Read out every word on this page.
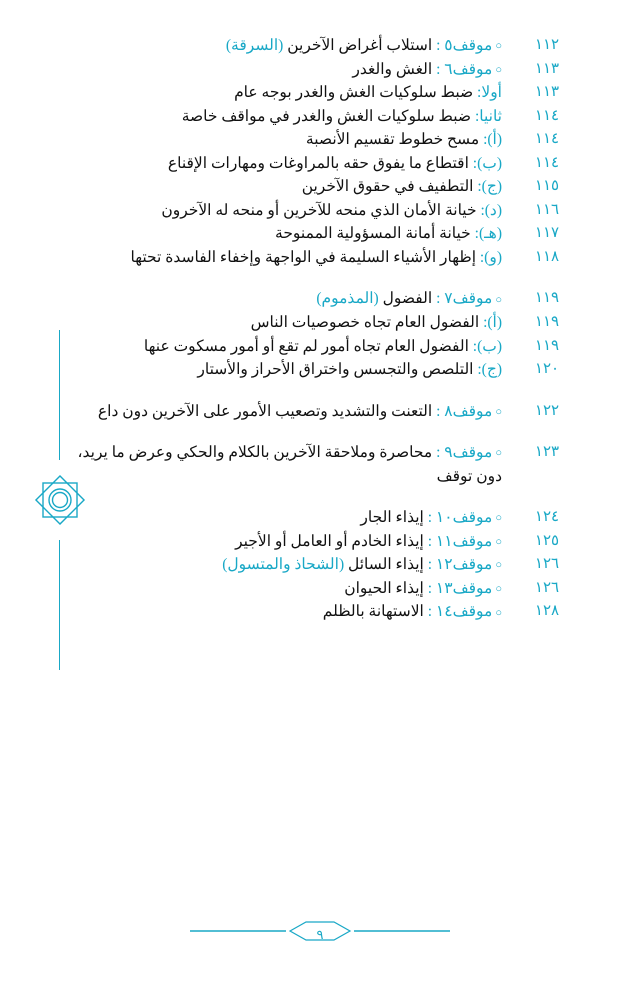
١١٢	○موقف٥ : استلاب أغراض الآخرين (السرقة)
١١٣	○موقف٦ : الغش والغدر
١١٣	أولا: ضبط سلوكيات الغش والغدر بوجه عام
١١٤	ثانيا: ضبط سلوكيات الغش والغدر في مواقف خاصة
١١٤	(أ): مسح خطوط تقسيم الأنصبة
١١٤	(ب): اقتطاع ما يفوق حقه بالمراوغات ومهارات الإقناع
١١٥	(ج): التطفيف في حقوق الآخرين
١١٦	(د): خيانة الأمان الذي منحه للآخرين أو منحه له الآخرون
١١٧	(هـ): خيانة أمانة المسؤولية الممنوحة
١١٨	(و): إظهار الأشياء السليمة في الواجهة وإخفاء الفاسدة تحتها

١١٩	○موقف٧ : الفضول (المذموم)
١١٩	(أ): الفضول العام تجاه خصوصيات الناس
١١٩	(ب): الفضول العام تجاه أمور لم تقع أو أمور مسكوت عنها
١٢٠	(ج): التلصص والتجسس واختراق الأحراز والأستار

١٢٢	○موقف٨ : التعنت والتشديد وتصعيب الأمور على الآخرين دون داع

١٢٣	○موقف٩ : محاصرة وملاحقة الآخرين بالكلام والحكي وعرض ما يريد، دون توقف

١٢٤	○موقف١٠ : إيذاء الجار
١٢٥	○موقف١١ : إيذاء الخادم أو العامل أو الأجير
١٢٦	○موقف١٢ : إيذاء السائل (الشحاذ والمتسول)
١٢٦	○موقف١٣ : إيذاء الحيوان
١٢٨	○موقف١٤ : الاستهانة بالظلم
٩
